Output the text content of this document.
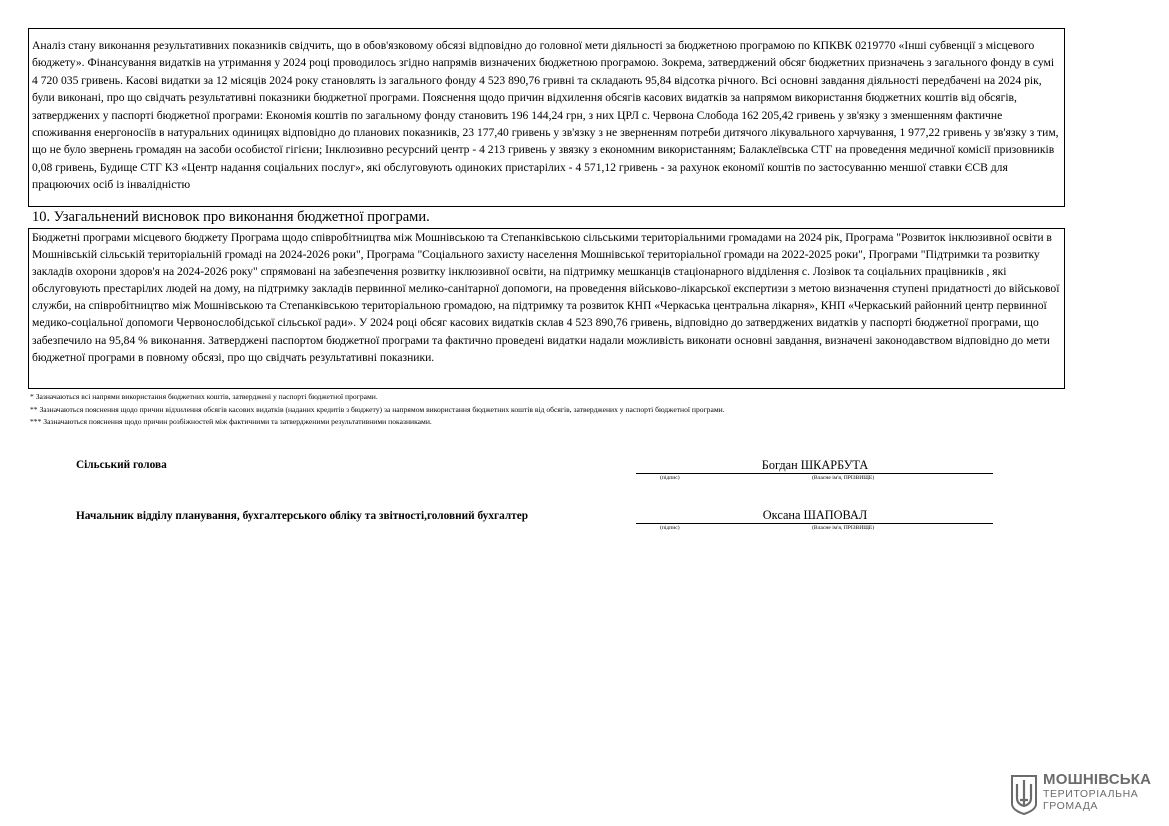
Аналіз стану виконання результативних показників свідчить, що в обов'язковому обсязі відповідно до головної мети діяльності за бюджетною програмою по КПКВК 0219770 «Інші субвенції з місцевого бюджету». Фінансування видатків на утримання у 2024 році проводилось згідно напрямів визначених бюджетною програмою. Зокрема, затверджений обсяг бюджетних призначень з загального фонду в сумі 4 720 035 гривень. Касові видатки за 12 місяців 2024 року становлять із загального фонду 4 523 890,76 гривні та складають 95,84 відсотка річного. Всі основні завдання діяльності передбачені на 2024 рік, були виконані, про що свідчать результативні показники бюджетної програми. Пояснення щодо причин відхилення обсягів касових видатків за напрямом використання бюджетних коштів від обсягів, затверджених у паспорті бюджетної програми: Економія коштів по загальному фонду становить 196 144,24 грн, з них ЦРЛ с. Червона Слобода 162 205,42 гривень у зв'язку з зменшенням фактичне споживання енергоносіїв в натуральних одиницях відповідно до планових показників, 23 177,40 гривень у зв'язку з не зверненням потреби дитячого лікувального харчування, 1 977,22 гривень у зв'язку з тим, що не було звернень громадян на засоби особистої гігієни; Інклюзивно ресурсний центр - 4 213 гривень у звязку з економним використанням; Балаклеївська СТГ на проведення медичної комісії призовників 0,08 гривень, Будище СТГ КЗ «Центр надання соціальних послуг», які обслуговують одиноких пристарілих - 4 571,12 гривень - за рахунок економії коштів по застосуванню меншої ставки ЄСВ для працюючих осіб із інвалідністю
10. Узагальнений висновок про виконання бюджетної програми.
Бюджетні програми місцевого бюджету Програма щодо співробітництва між Мошнівською та Степанківською сільськими територіальними громадами на 2024 рік, Програма "Розвиток інклюзивної освіти в Мошнівській сільській територіальній громаді на 2024-2026 роки", Програма "Соціального захисту населення Мошнівської територіальної громади на 2022-2025 роки", Програми "Підтримки та розвитку закладів охорони здоров'я на 2024-2026 року" спрямовані на забезпечення розвитку інклюзивної освіти, на підтримку мешканців стаціонарного відділення с. Лозівок та соціальних працівників , які обслуговують престарілих людей на дому, на підтримку закладів первинної мелико-санітарної допомоги, на проведення військово-лікарської експертизи з метою визначення ступені придатності до військової служби, на співробітництво між Мошнівською та Степанківською територіальною громадою, на підтримку та розвиток КНП «Черкаська центральна лікарня», КНП «Черкаський районний центр первинної медико-соціальної допомоги Червонослобідської сільської ради». У 2024 році обсяг касових видатків склав 4 523 890,76 гривень, відповідно до затверджених видатків у паспорті бюджетної програми, що забезпечило на 95,84 % виконання. Затверджені паспортом бюджетної програми та фактично проведені видатки надали можливість виконати основні завдання, визначені законодавством відповідно до мети бюджетної програми в повному обсязі, про що свідчать результативні показники.
* Зазначаються всі напрями використання бюджетних коштів, затверджені у паспорті бюджетної програми.
** Зазначаються пояснення щодо причин відхилення обсягів касових видатків (наданих кредитів з бюджету) за напрямом використання бюджетних коштів від обсягів, затверджених у паспорті бюджетної програми.
*** Зазначаються пояснення щодо причин розбіжностей між фактичними та затвердженими результативними показниками.
Сільський голова	Богдан ШКАРБУТА
(підпис)	(Власне ім'я, ПРІЗВИЩЕ)
Начальник відділу планування, бухгалтерського обліку та звітності,головний бухгалтер	Оксана ШАПОВАЛ
(підпис)	(Власне ім'я, ПРІЗВИЩЕ)
МОШНІВСЬКА
ТЕРИТОРІАЛЬНА
ГРОМАДА
